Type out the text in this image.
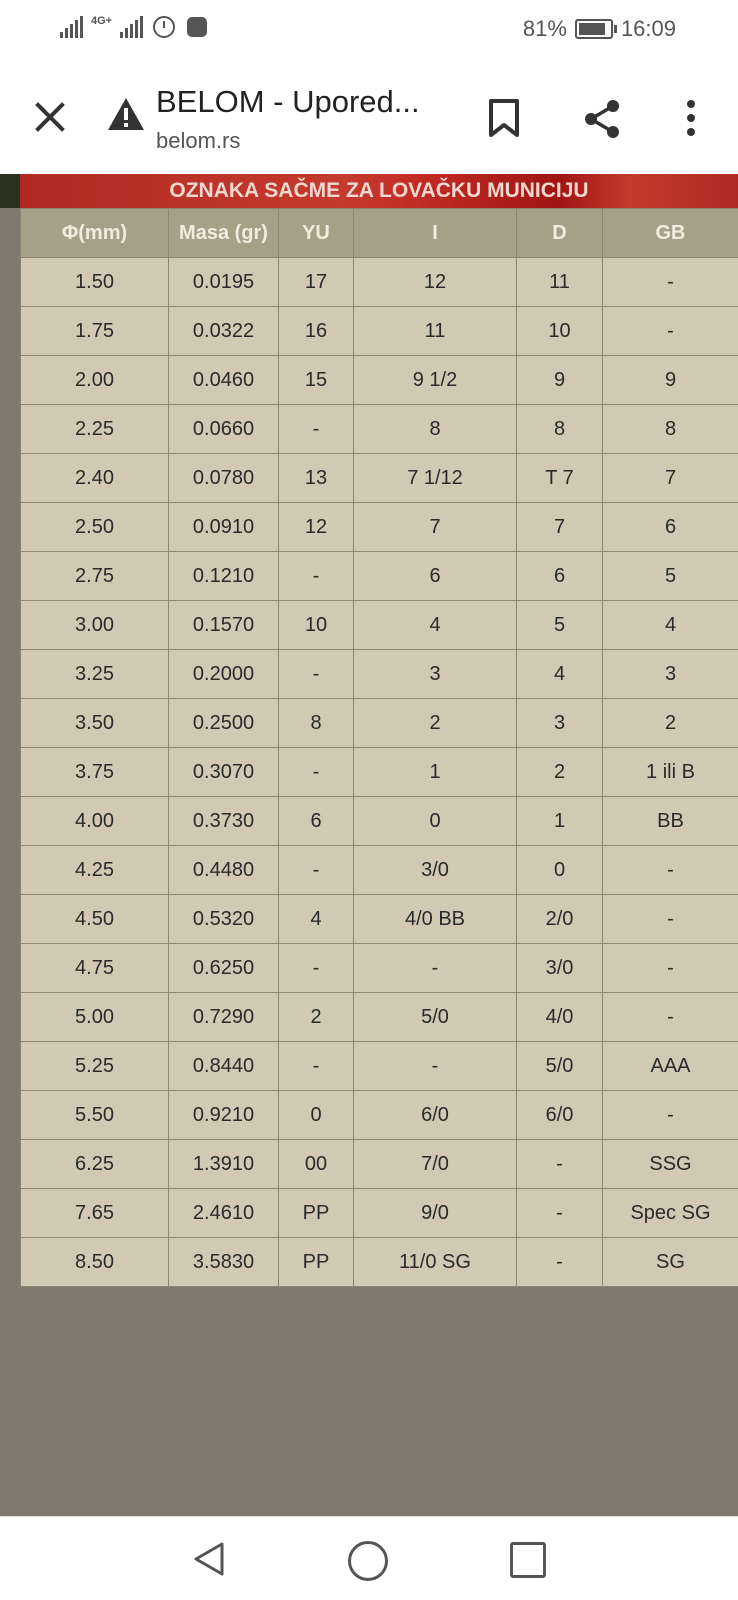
4G+	81% 16:09
BELOM - Upored...
belom.rs
OZNAKA SAČME ZA LOVAČKU MUNICIJU
Φ(mm)	Masa (gr)	YU	I	D	GB
1.50	0.0195	17	12	11	-
1.75	0.0322	16	11	10	-
2.00	0.0460	15	9 1/2	9	9
2.25	0.0660	-	8	8	8
2.40	0.0780	13	7 1/12	T 7	7
2.50	0.0910	12	7	7	6
2.75	0.1210	-	6	6	5
3.00	0.1570	10	4	5	4
3.25	0.2000	-	3	4	3
3.50	0.2500	8	2	3	2
3.75	0.3070	-	1	2	1 ili B
4.00	0.3730	6	0	1	BB
4.25	0.4480	-	3/0	0	-
4.50	0.5320	4	4/0 BB	2/0	-
4.75	0.6250	-	-	3/0	-
5.00	0.7290	2	5/0	4/0	-
5.25	0.8440	-	-	5/0	AAA
5.50	0.9210	0	6/0	6/0	-
6.25	1.3910	00	7/0	-	SSG
7.65	2.4610	PP	9/0	-	Spec SG
8.50	3.5830	PP	11/0 SG	-	SG
